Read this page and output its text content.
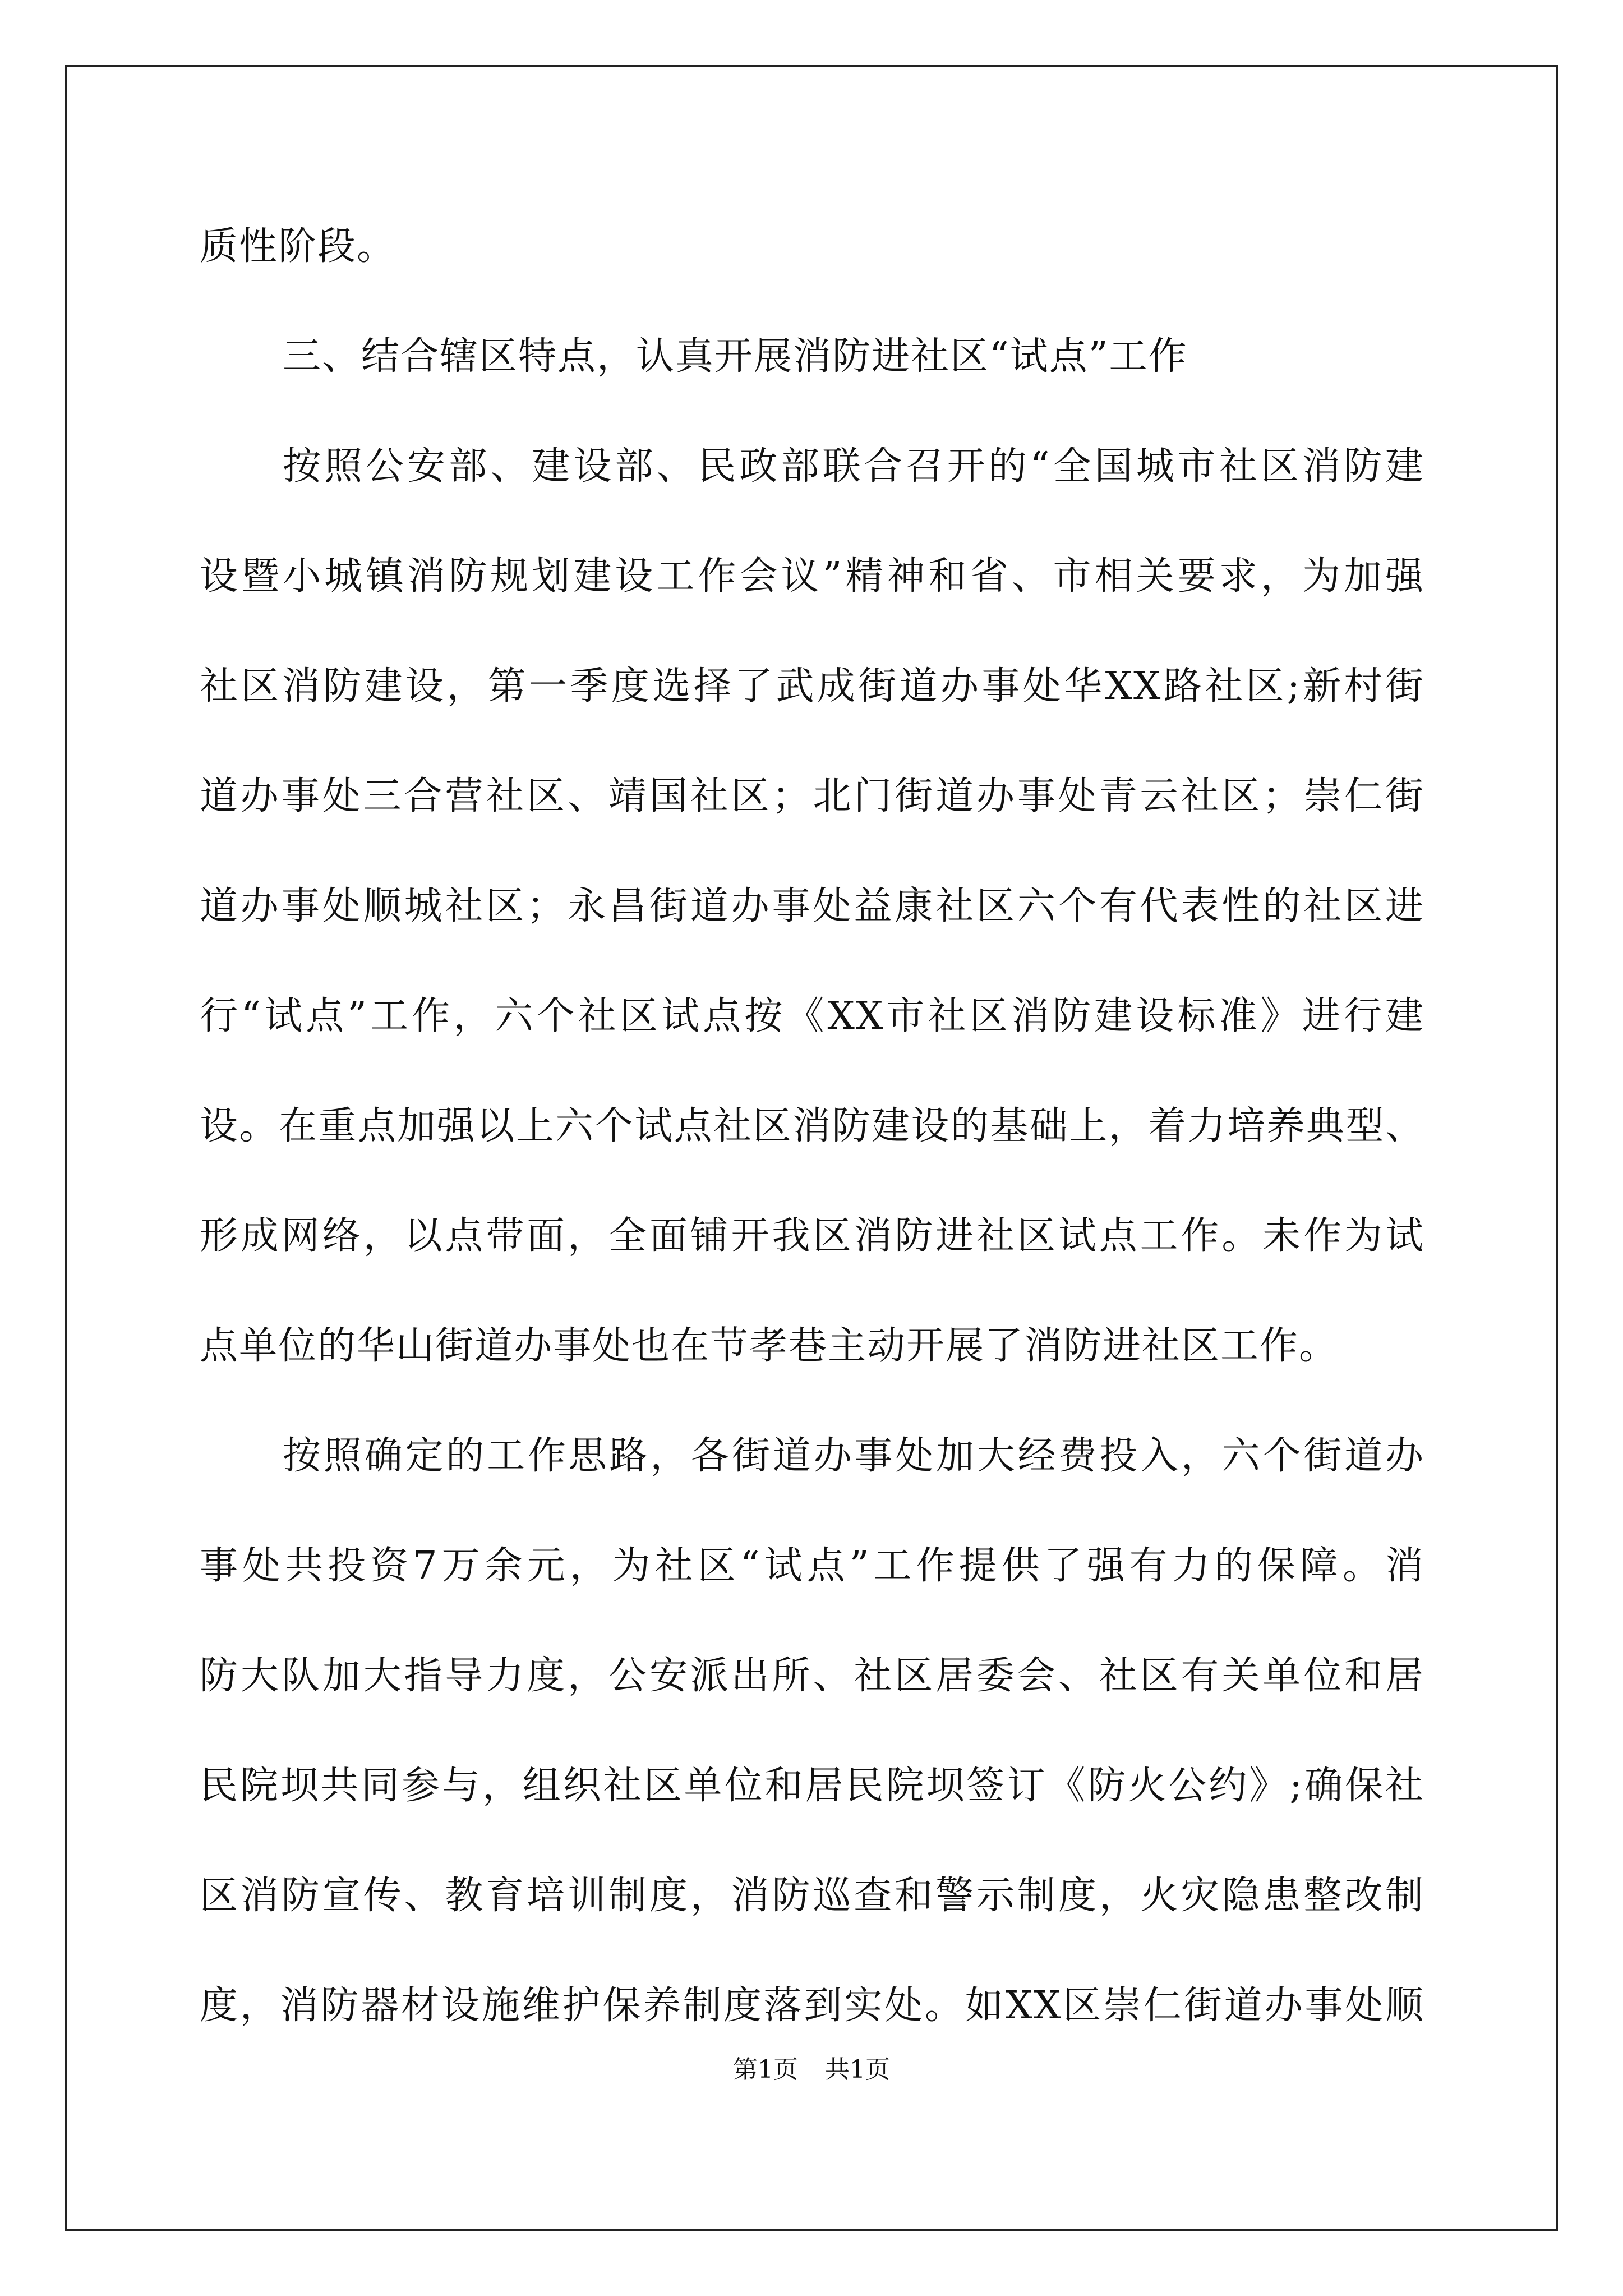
质性阶段。
三、结合辖区特点，认真开展消防进社区“试点”工作
按照公安部、建设部、民政部联合召开的“全国城市社区消防建
设暨小城镇消防规划建设工作会议”精神和省、市相关要求，为加强
社区消防建设，第一季度选择了武成街道办事处华XX路社区;新村街
道办事处三合营社区、靖国社区；北门街道办事处青云社区；崇仁街
道办事处顺城社区；永昌街道办事处益康社区六个有代表性的社区进
行“试点”工作，六个社区试点按《XX市社区消防建设标准》进行建
设。在重点加强以上六个试点社区消防建设的基础上，着力培养典型、
形成网络，以点带面，全面铺开我区消防进社区试点工作。未作为试
点单位的华山街道办事处也在节孝巷主动开展了消防进社区工作。
按照确定的工作思路，各街道办事处加大经费投入，六个街道办
事处共投资7万余元，为社区“试点”工作提供了强有力的保障。消
防大队加大指导力度，公安派出所、社区居委会、社区有关单位和居
民院坝共同参与，组织社区单位和居民院坝签订《防火公约》;确保社
区消防宣传、教育培训制度，消防巡查和警示制度，火灾隐患整改制
度，消防器材设施维护保养制度落到实处。如XX区崇仁街道办事处顺
第1页 共1页
